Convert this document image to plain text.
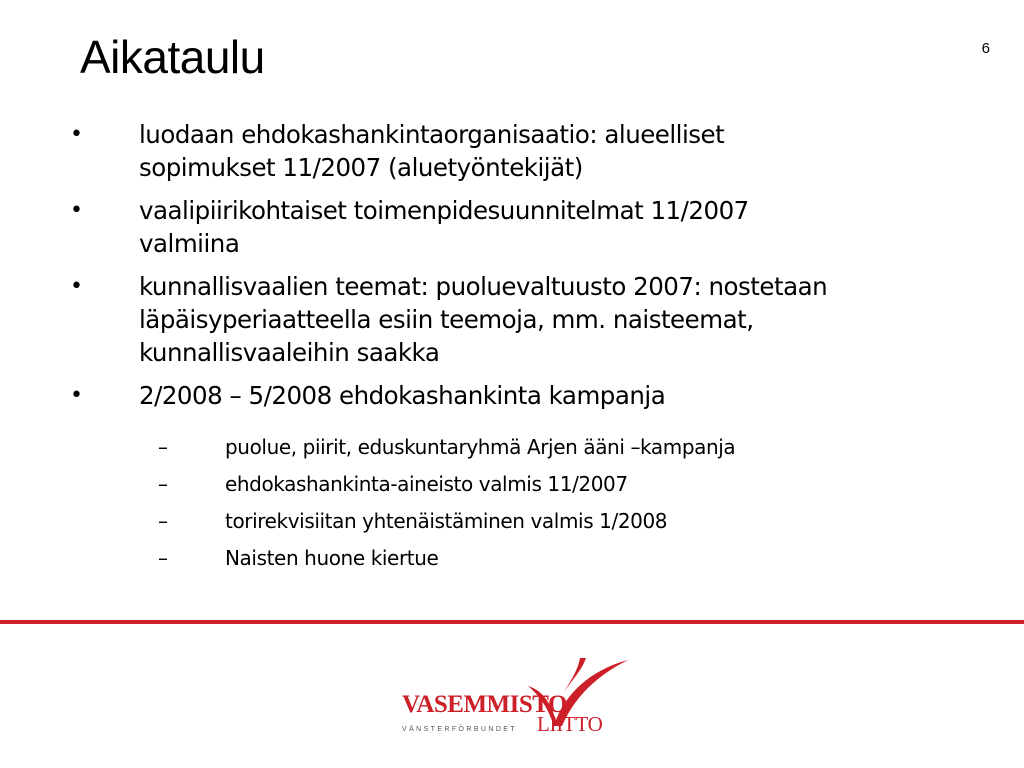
Aikataulu	6
• luodaan ehdokashankintaorganisaatio: alueelliset
sopimukset 11/2007 (aluetyöntekijät)
• vaalipiirikohtaiset toimenpidesuunnitelmat 11/2007
valmiina
• kunnallisvaalien teemat: puoluevaltuusto 2007: nostetaan
läpäisyperiaatteella esiin teemoja, mm. naisteemat,
kunnallisvaaleihin saakka
• 2/2008 – 5/2008 ehdokashankinta kampanja
–	puolue, piirit, eduskuntaryhmä Arjen ääni –kampanja
–	ehdokashankinta-aineisto valmis 11/2007
–	torirekvisiitan yhtenäistäminen valmis 1/2008
–	Naisten huone kiertue
VASEMMISTO
LIITTO
VÄNSTERFÖRBUNDET
